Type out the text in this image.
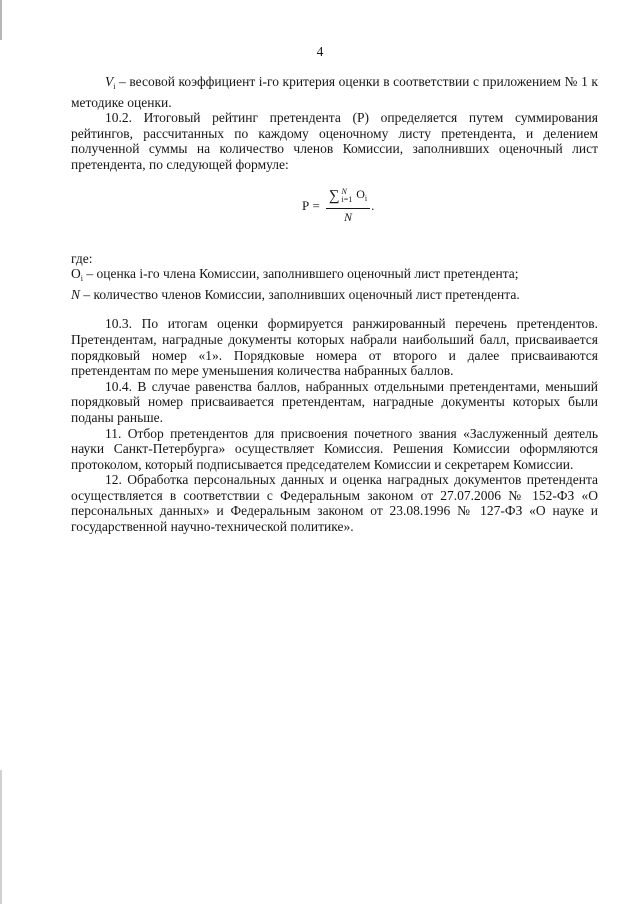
4

$V_i$ – весовой коэффициент i-го критерия оценки в соответствии с приложением № 1 к методике оценки.

10.2. Итоговый рейтинг претендента (Р) определяется путем суммирования рейтингов, рассчитанных по каждому оценочному листу претендента, и делением полученной суммы на количество членов Комиссии, заполнивших оценочный лист претендента, по следующей формуле:

Р =
∑ N
i=1 $O_i$
N
.

где:

$O_i$ – оценка i-го члена Комиссии, заполнившего оценочный лист претендента;

N – количество членов Комиссии, заполнивших оценочный лист претендента.

10.3. По итогам оценки формируется ранжированный перечень претендентов. Претендентам, наградные документы которых набрали наибольший балл, присваивается порядковый номер «1». Порядковые номера от второго и далее присваиваются претендентам по мере уменьшения количества набранных баллов.

10.4. В случае равенства баллов, набранных отдельными претендентами, меньший порядковый номер присваивается претендентам, наградные документы которых были поданы раньше.

11. Отбор претендентов для присвоения почетного звания «Заслуженный деятель науки Санкт-Петербурга» осуществляет Комиссия. Решения Комиссии оформляются протоколом, который подписывается председателем Комиссии и секретарем Комиссии.

12. Обработка персональных данных и оценка наградных документов претендента осуществляется в соответствии с Федеральным законом от 27.07.2006 № 152-ФЗ «О персональных данных» и Федеральным законом от 23.08.1996 № 127-ФЗ «О науке и государственной научно-технической политике».
